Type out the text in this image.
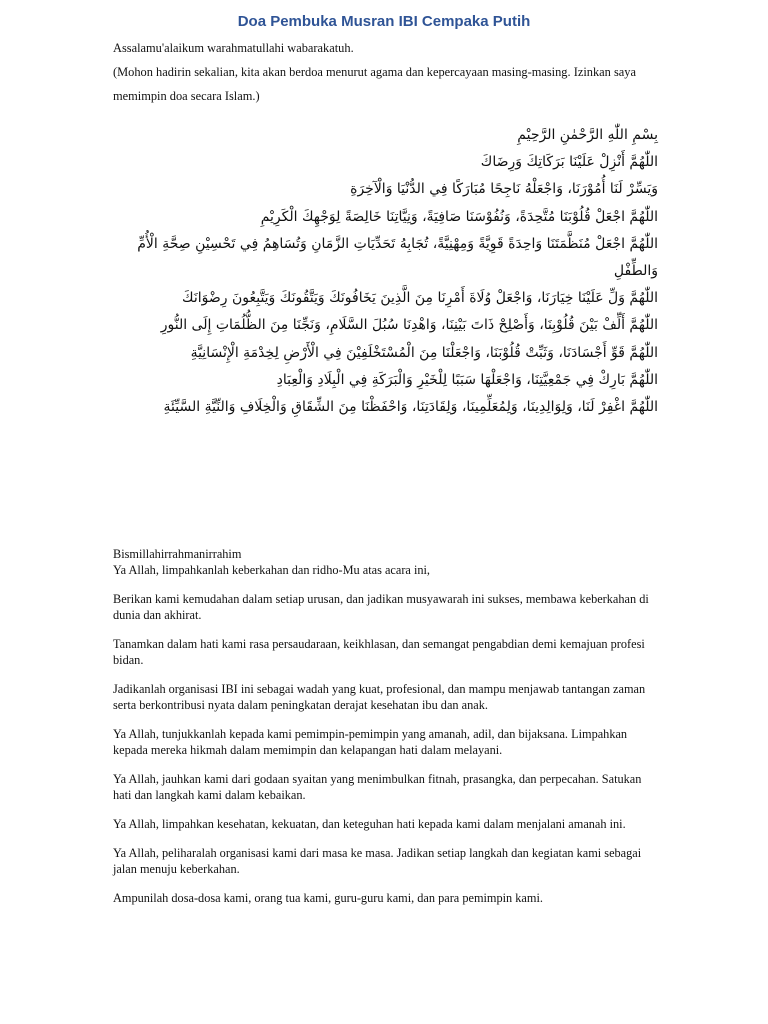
Doa Pembuka Musran IBI Cempaka Putih

Assalamu'alaikum warahmatullahi wabarakatuh.

(Mohon hadirin sekalian, kita akan berdoa menurut agama dan kepercayaan masing-masing. Izinkan saya memimpin doa secara Islam.)

بِسْمِ اللّٰهِ الرَّحْمٰنِ الرَّحِيْمِ

اللّٰهُمَّ أَنْزِلْ عَلَيْنَا بَرَكَاتِكَ وَرِضَاكَ

وَيَسِّرْ لَنَا أُمُوْرَنَا، وَاجْعَلْهُ نَاجِحًا مُبَارَكًا فِي الدُّنْيَا وَالْآخِرَةِ

اللّٰهُمَّ اجْعَلْ قُلُوْبَنَا مُتَّحِدَةً، وَنُفُوْسَنَا صَافِيَةً، وَنِيَّاتِنَا خَالِصَةً لِوَجْهِكَ الْكَرِيْمِ

اللّٰهُمَّ اجْعَلْ مُنَظَّمَتَنَا وَاحِدَةً قَوِيَّةً وَمِهْنِيَّةً، تُجَابِهُ تَحَدِّيَاتِ الزَّمَانِ وَتُسَاهِمُ فِي تَحْسِيْنِ صِحَّةِ الْأُمِّ وَالطِّفْلِ

اللّٰهُمَّ وَلِّ عَلَيْنَا خِيَارَنَا، وَاجْعَلْ وُلَاةَ أَمْرِنَا مِنَ الَّذِينَ يَخَافُونَكَ وَيَتَّقُونَكَ وَيَتَّبِعُونَ رِضْوَانَكَ

اللّٰهُمَّ أَلِّفْ بَيْنَ قُلُوْبِنَا، وَأَصْلِحْ ذَاتَ بَيْنِنَا، وَاهْدِنَا سُبُلَ السَّلَامِ، وَنَجِّنَا مِنَ الظُّلُمَاتِ إِلَى النُّورِ

اللّٰهُمَّ قَوِّ أَجْسَادَنَا، وَثَبِّتْ قُلُوْبَنَا، وَاجْعَلْنَا مِنَ الْمُسْتَخْلَفِيْنَ فِي الْأَرْضِ لِخِدْمَةِ الْإِنْسَانِيَّةِ

اللّٰهُمَّ بَارِكْ فِي جَمْعِيَّتِنَا، وَاجْعَلْهَا سَبَبًا لِلْخَيْرِ وَالْبَرَكَةِ فِي الْبِلَادِ وَالْعِبَادِ

اللّٰهُمَّ اغْفِرْ لَنَا، وَلِوَالِدِينَا، وَلِمُعَلِّمِينَا، وَلِقَادَتِنَا، وَاحْفَظْنَا مِنَ الشِّقَاقِ وَالْخِلَافِ وَالنِّيَّةِ السَّيِّئَةِ

Bismillahirrahmanirrahim

Ya Allah, limpahkanlah keberkahan dan ridho-Mu atas acara ini,

Berikan kami kemudahan dalam setiap urusan, dan jadikan musyawarah ini sukses, membawa keberkahan di dunia dan akhirat.

Tanamkan dalam hati kami rasa persaudaraan, keikhlasan, dan semangat pengabdian demi kemajuan profesi bidan.

Jadikanlah organisasi IBI ini sebagai wadah yang kuat, profesional, dan mampu menjawab tantangan zaman serta berkontribusi nyata dalam peningkatan derajat kesehatan ibu dan anak.

Ya Allah, tunjukkanlah kepada kami pemimpin-pemimpin yang amanah, adil, dan bijaksana. Limpahkan kepada mereka hikmah dalam memimpin dan kelapangan hati dalam melayani.

Ya Allah, jauhkan kami dari godaan syaitan yang menimbulkan fitnah, prasangka, dan perpecahan. Satukan hati dan langkah kami dalam kebaikan.

Ya Allah, limpahkan kesehatan, kekuatan, dan keteguhan hati kepada kami dalam menjalani amanah ini.

Ya Allah, peliharalah organisasi kami dari masa ke masa. Jadikan setiap langkah dan kegiatan kami sebagai jalan menuju keberkahan.

Ampunilah dosa-dosa kami, orang tua kami, guru-guru kami, dan para pemimpin kami.
